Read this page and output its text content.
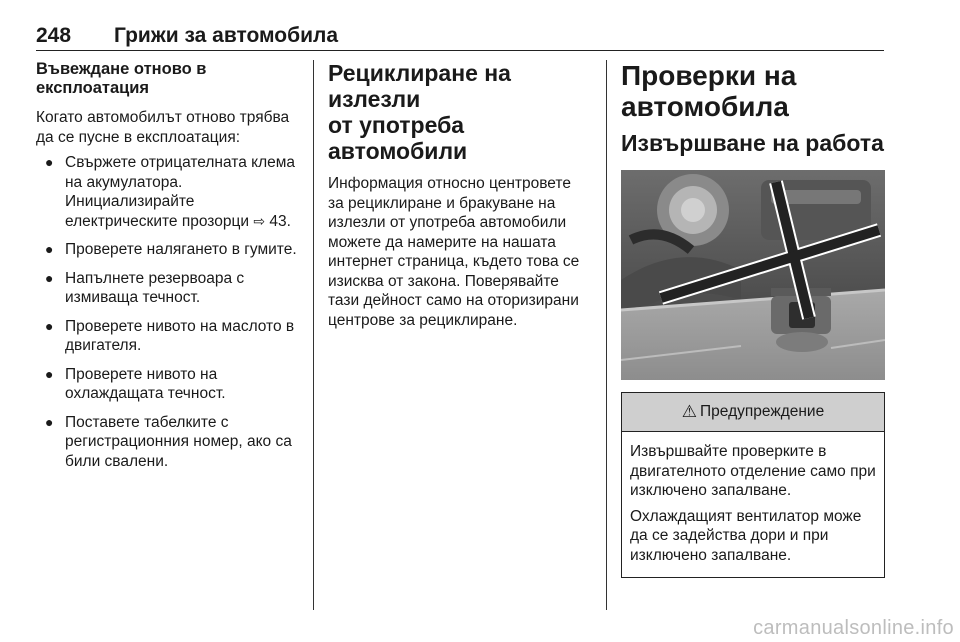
248 Грижи за автомобила
Въвеждане отново в
експлоатация

Когато автомобилът отново трябва да се пусне в експлоатация:

● Свържете отрицателната клема на акумулатора. Инициализирайте електрическите прозорци ⇨ 43.
● Проверете налягането в гумите.
● Напълнете резервоара с измиваща течност.
● Проверете нивото на маслото в двигателя.
● Проверете нивото на охлаждащата течност.
● Поставете табелките с регистрационния номер, ако са били свалени.
Рециклиране на излезли
от употреба автомобили

Информация относно центровете за рециклиране и бракуване на излезли от употреба автомобили можете да намерите на нашата интернет страница, където това се изисква от закона. Поверявайте тази дейност само на оторизирани центрове за рециклиране.

Проверки на
автомобила
Извършване на работа
⚠ Предупреждение

Извършвайте проверките в двигателното отделение само при изключено запалване.

Охлаждащият вентилатор може да се задейства дори и при изключено запалване.

carmanualsonline.info
